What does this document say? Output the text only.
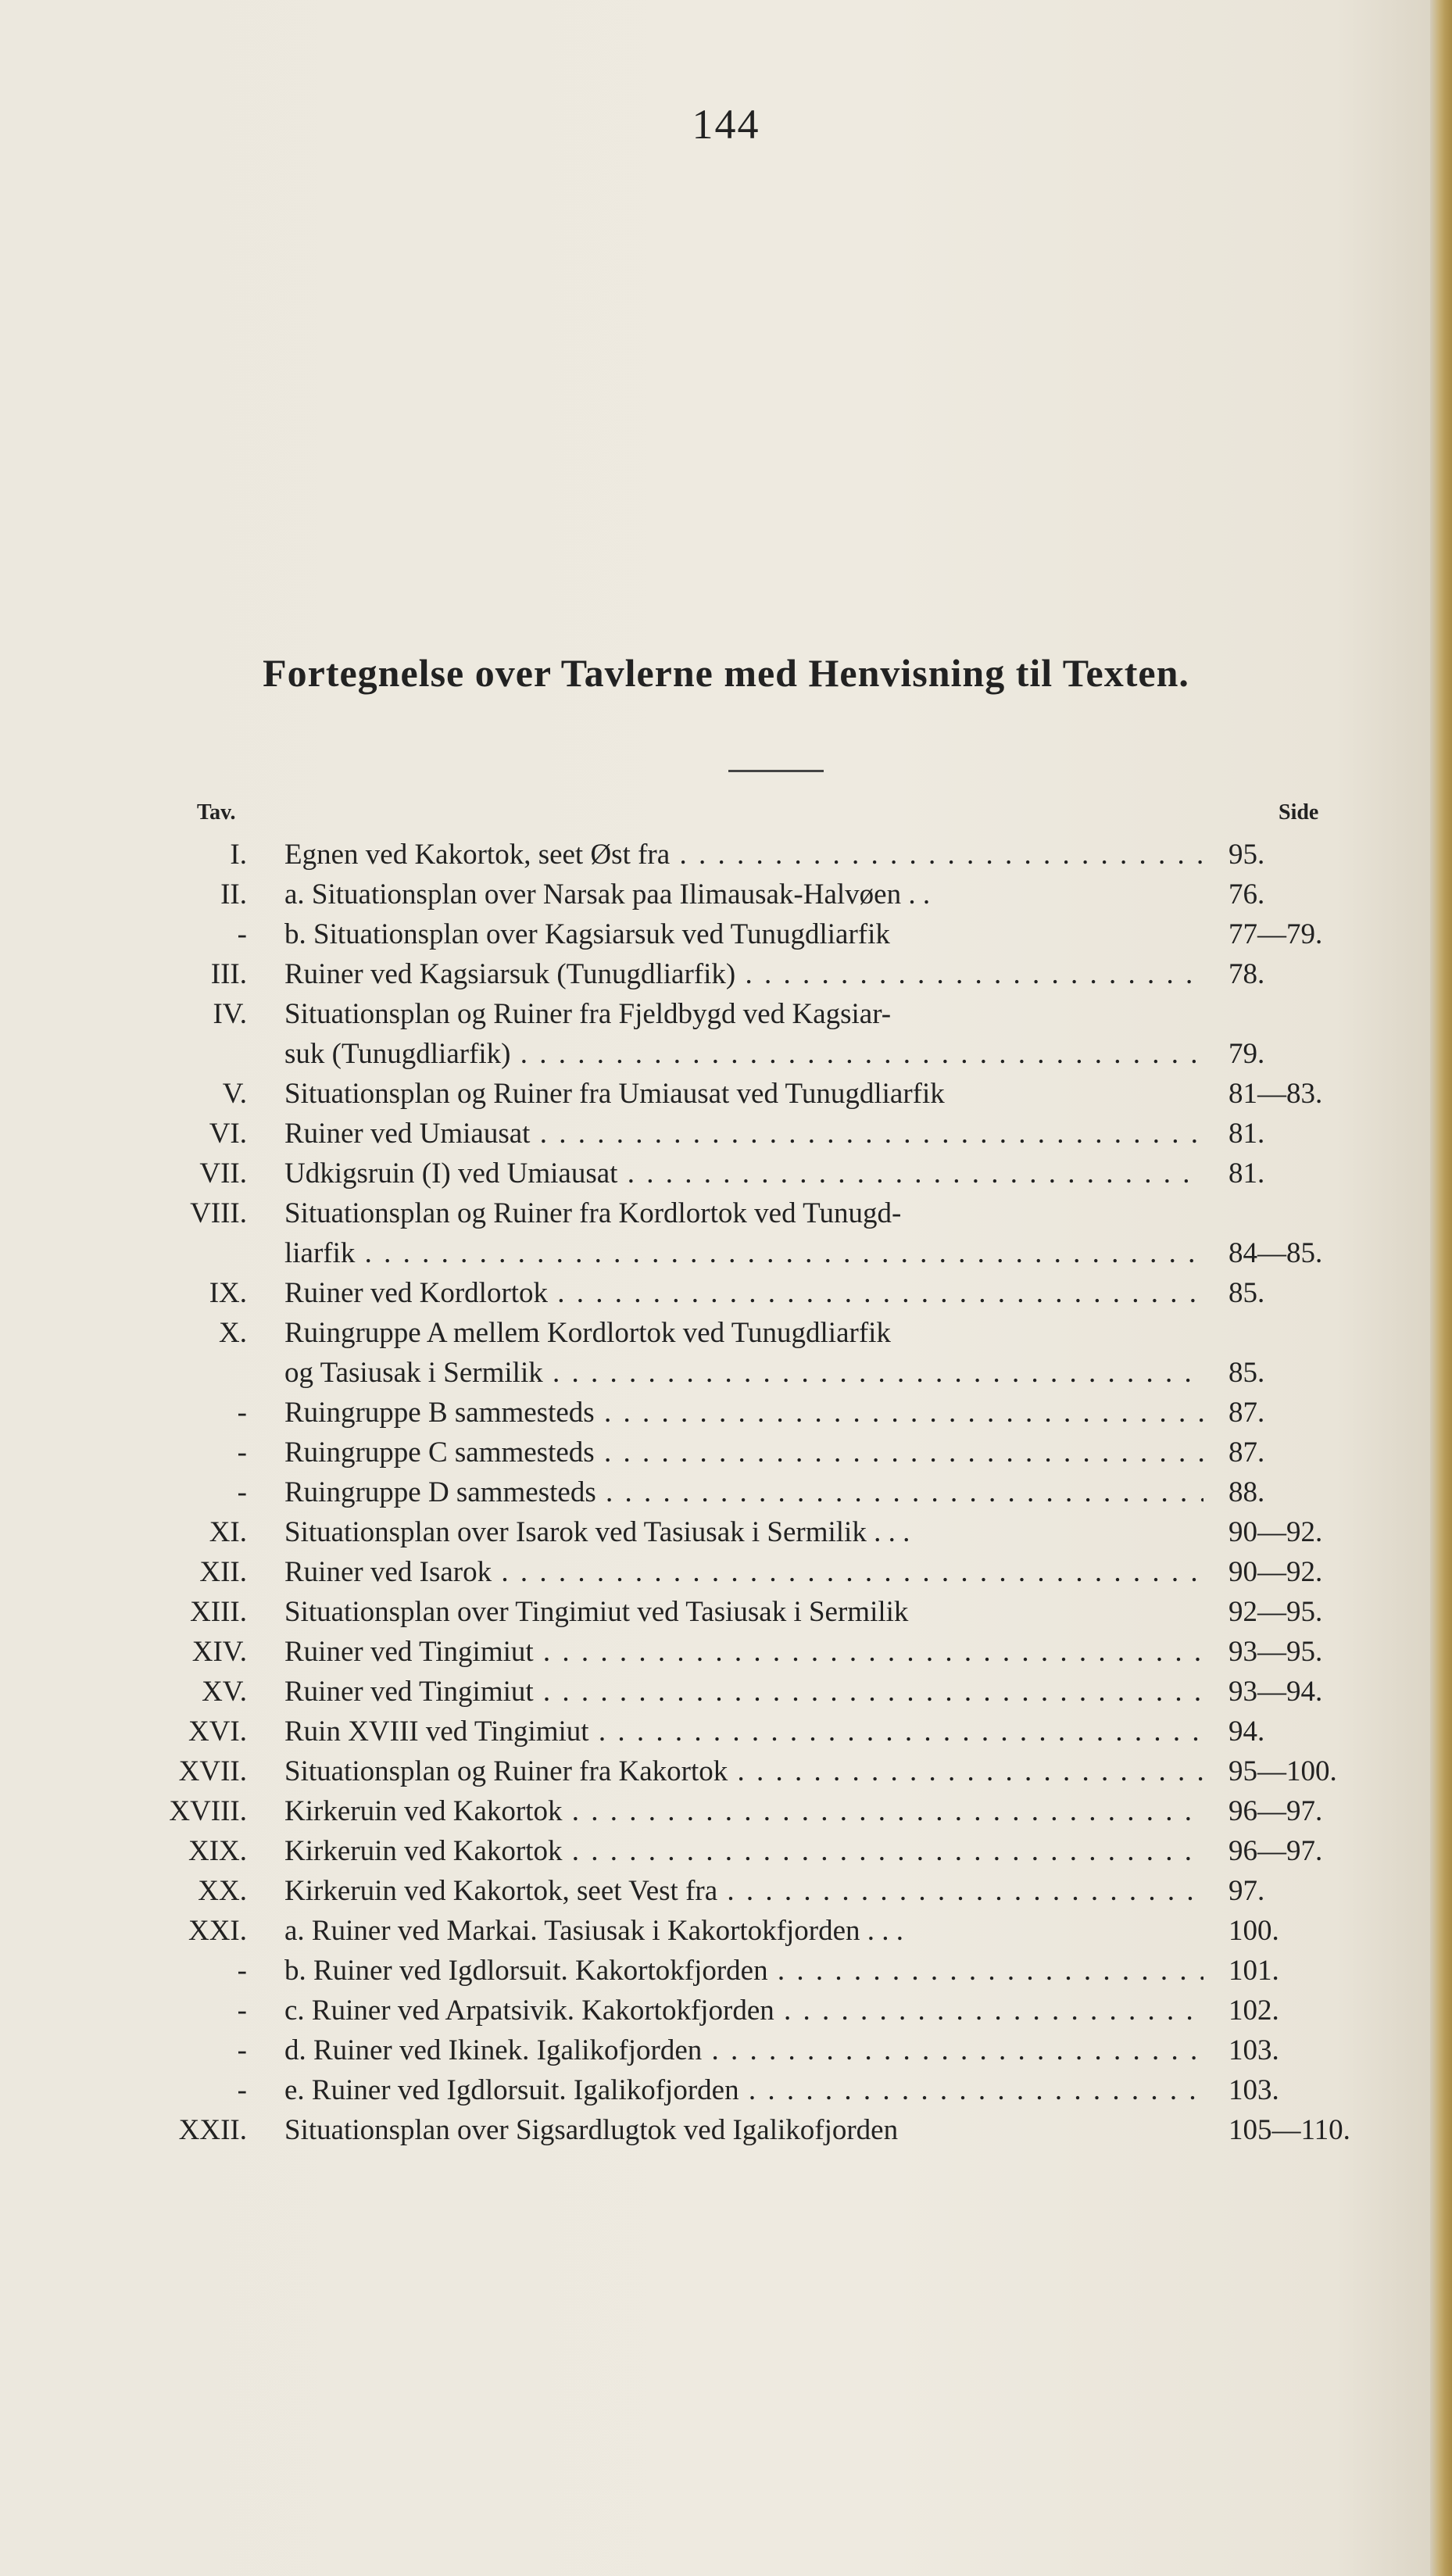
144
Fortegnelse over Tavlerne med Henvisning til Texten.
Tav.	Side
I. Egnen ved Kakortok, seet Øst fra . . .	95.
II. a. Situationsplan over Narsak paa Ilimausak-Halvøen . .	76.
- b. Situationsplan over Kagsiarsuk ved Tunugdliarfik	77—79.
III. Ruiner ved Kagsiarsuk (Tunugdliarfik) . . .	78.
IV. Situationsplan og Ruiner fra Fjeldbygd ved Kagsiar-
suk (Tunugdliarfik) . . .	79.
V. Situationsplan og Ruiner fra Umiausat ved Tunugdliarfik	81—83.
VI. Ruiner ved Umiausat . . .	81.
VII. Udkigsruin (I) ved Umiausat . . .	81.
VIII. Situationsplan og Ruiner fra Kordlortok ved Tunugd-
liarfik . . .	84—85.
IX. Ruiner ved Kordlortok . . .	85.
X. Ruingruppe A mellem Kordlortok ved Tunugdliarfik
og Tasiusak i Sermilik . . .	85.
- Ruingruppe B sammesteds . . .	87.
- Ruingruppe C sammesteds . . .	87.
- Ruingruppe D sammesteds . . .	88.
XI. Situationsplan over Isarok ved Tasiusak i Sermilik . . .	90—92.
XII. Ruiner ved Isarok . . .	90—92.
XIII. Situationsplan over Tingimiut ved Tasiusak i Sermilik	92—95.
XIV. Ruiner ved Tingimiut . . .	93—95.
XV. Ruiner ved Tingimiut . . .	93—94.
XVI. Ruin XVIII ved Tingimiut . . .	94.
XVII. Situationsplan og Ruiner fra Kakortok . . .	95—100.
XVIII. Kirkeruin ved Kakortok . . .	96—97.
XIX. Kirkeruin ved Kakortok . . .	96—97.
XX. Kirkeruin ved Kakortok, seet Vest fra . . .	97.
XXI. a. Ruiner ved Markai. Tasiusak i Kakortokfjorden . . .	100.
- b. Ruiner ved Igdlorsuit. Kakortokfjorden . . .	101.
- c. Ruiner ved Arpatsivik. Kakortokfjorden . . .	102.
- d. Ruiner ved Ikinek. Igalikofjorden . . .	103.
- e. Ruiner ved Igdlorsuit. Igalikofjorden . . .	103.
XXII. Situationsplan over Sigsardlugtok ved Igalikofjorden	105—110.
